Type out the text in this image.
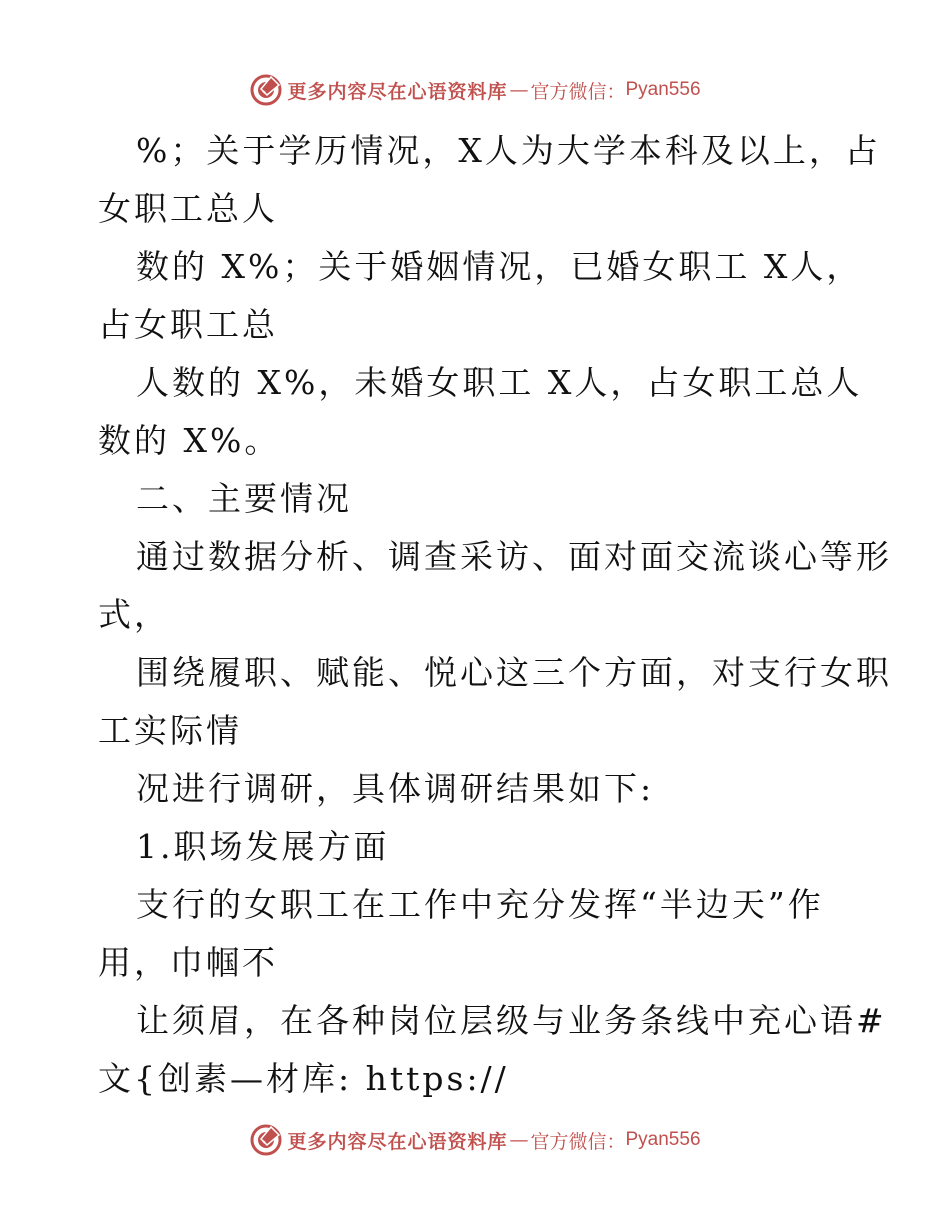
更多内容尽在心语资料库 — 官方微信： Pyan556
%；关于学历情况，X人为大学本科及以上，占
女职工总人
数的 X%；关于婚姻情况，已婚女职工 X人，
占女职工总
人数的 X%，未婚女职工 X人，占女职工总人
数的 X%。
二、主要情况
通过数据分析、调查采访、面对面交流谈心等形
式，
围绕履职、赋能、悦心这三个方面，对支行女职
工实际情
况进行调研，具体调研结果如下:
1.职场发展方面
支行的女职工在工作中充分发挥“半边天”作
用，巾帼不
让须眉，在各种岗位层级与业务条线中充心语#
文{创素—材库: https://
更多内容尽在心语资料库 — 官方微信： Pyan556
